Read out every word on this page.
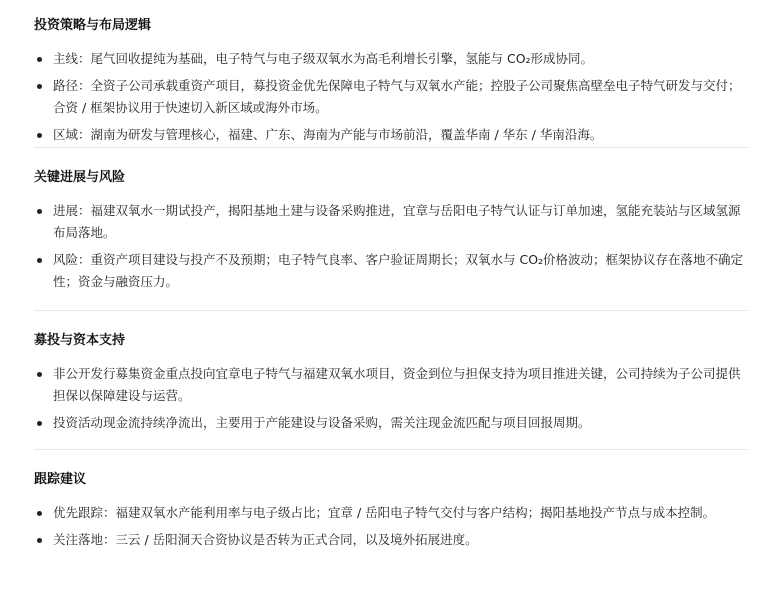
投资策略与布局逻辑
主线：尾气回收提纯为基础，电子特气与电子级双氧水为高毛利增长引擎，氢能与 CO₂形成协同。
路径：全资子公司承载重资产项目，募投资金优先保障电子特气与双氧水产能；控股子公司聚焦高壁垒电子特气研发与交付；合资 / 框架协议用于快速切入新区域或海外市场。
区域：湖南为研发与管理核心，福建、广东、海南为产能与市场前沿，覆盖华南 / 华东 / 华南沿海。
关键进展与风险
进展：福建双氧水一期试投产，揭阳基地土建与设备采购推进，宜章与岳阳电子特气认证与订单加速，氢能充装站与区域氢源布局落地。
风险：重资产项目建设与投产不及预期；电子特气良率、客户验证周期长；双氧水与 CO₂价格波动；框架协议存在落地不确定性；资金与融资压力。
募投与资本支持
非公开发行募集资金重点投向宜章电子特气与福建双氧水项目，资金到位与担保支持为项目推进关键，公司持续为子公司提供担保以保障建设与运营。
投资活动现金流持续净流出，主要用于产能建设与设备采购，需关注现金流匹配与项目回报周期。
跟踪建议
优先跟踪：福建双氧水产能利用率与电子级占比；宜章 / 岳阳电子特气交付与客户结构；揭阳基地投产节点与成本控制。
关注落地：三云 / 岳阳洞天合资协议是否转为正式合同，以及境外拓展进度。
